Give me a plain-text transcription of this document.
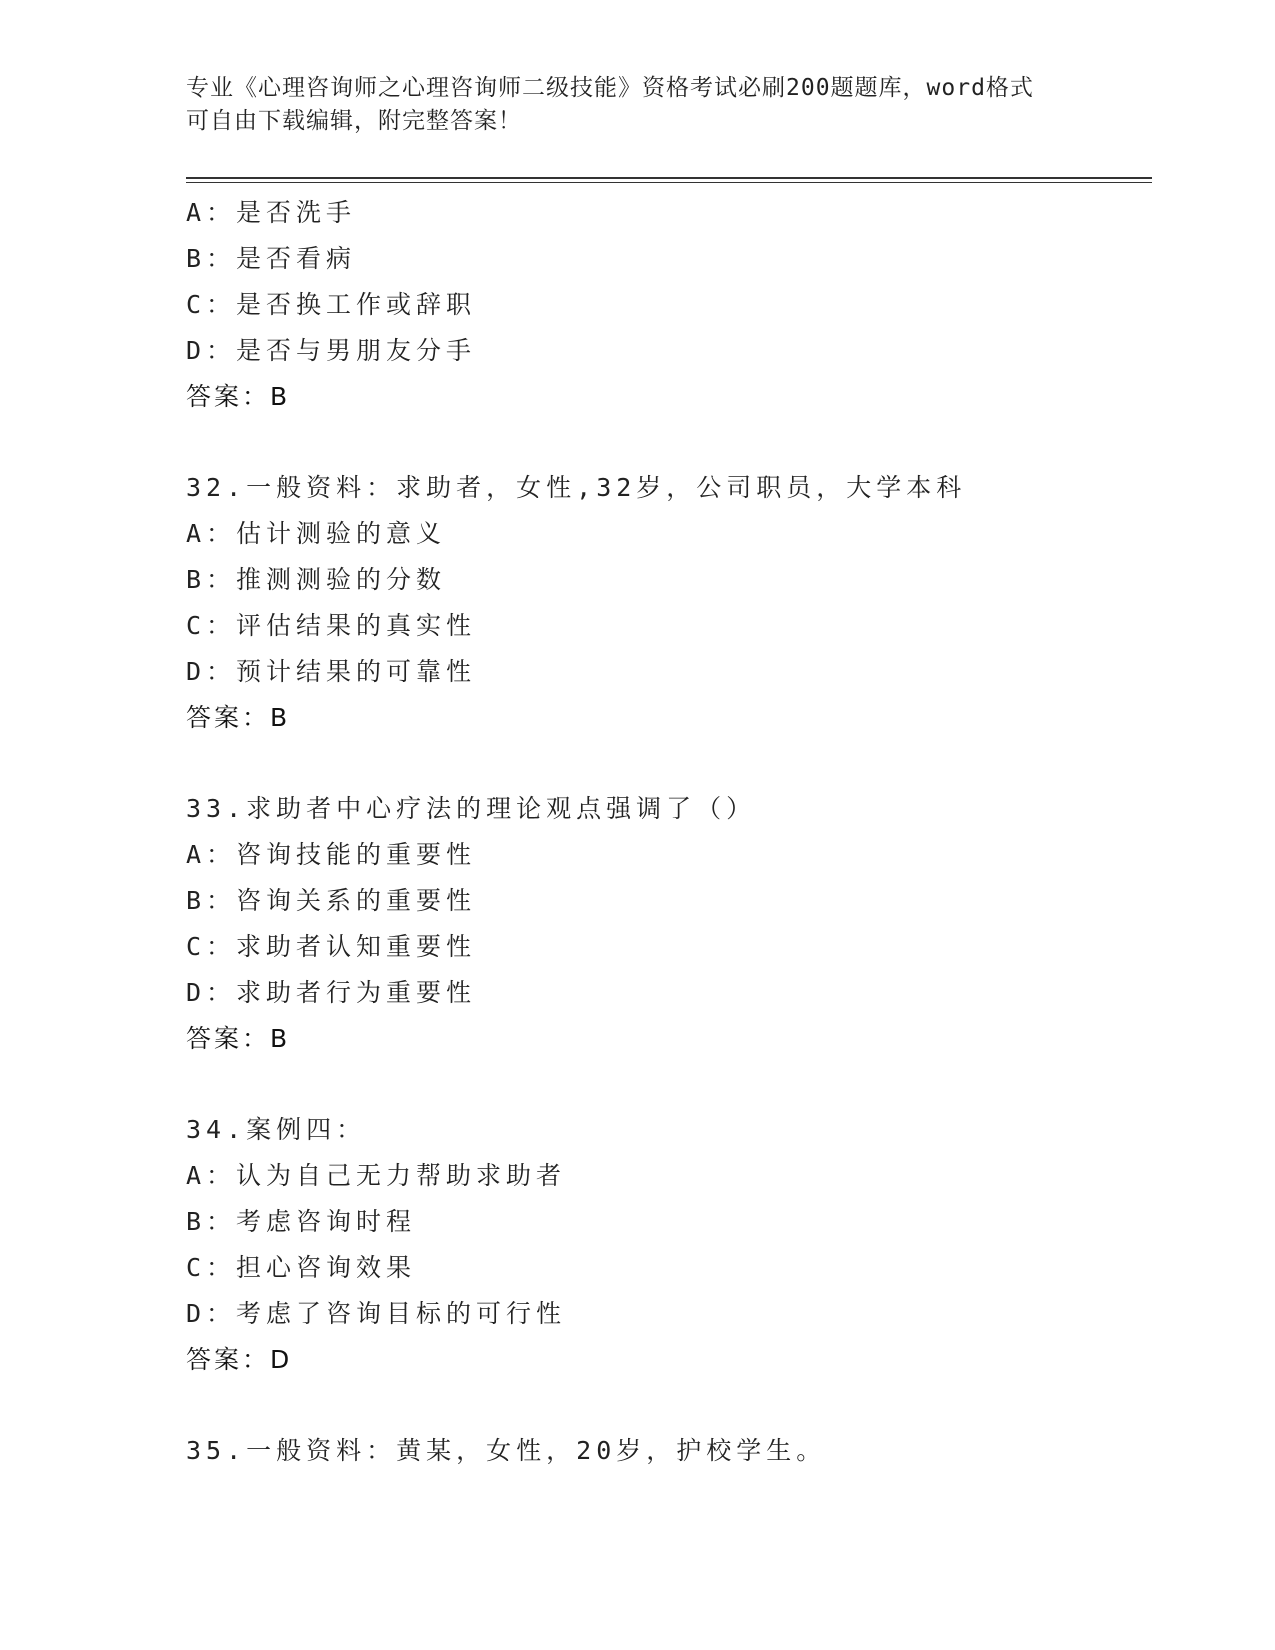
专业《心理咨询师之心理咨询师二级技能》资格考试必刷200题题库，word格式
可自由下载编辑，附完整答案！
A：是否洗手
B：是否看病
C：是否换工作或辞职
D：是否与男朋友分手
答案：B
32.一般资料：求助者，女性,32岁，公司职员，大学本科
A：估计测验的意义
B：推测测验的分数
C：评估结果的真实性
D：预计结果的可靠性
答案：B
33.求助者中心疗法的理论观点强调了（）
A：咨询技能的重要性
B：咨询关系的重要性
C：求助者认知重要性
D：求助者行为重要性
答案：B
34.案例四：
A：认为自己无力帮助求助者
B：考虑咨询时程
C：担心咨询效果
D：考虑了咨询目标的可行性
答案：D
35.一般资料：黄某，女性，20岁，护校学生。
